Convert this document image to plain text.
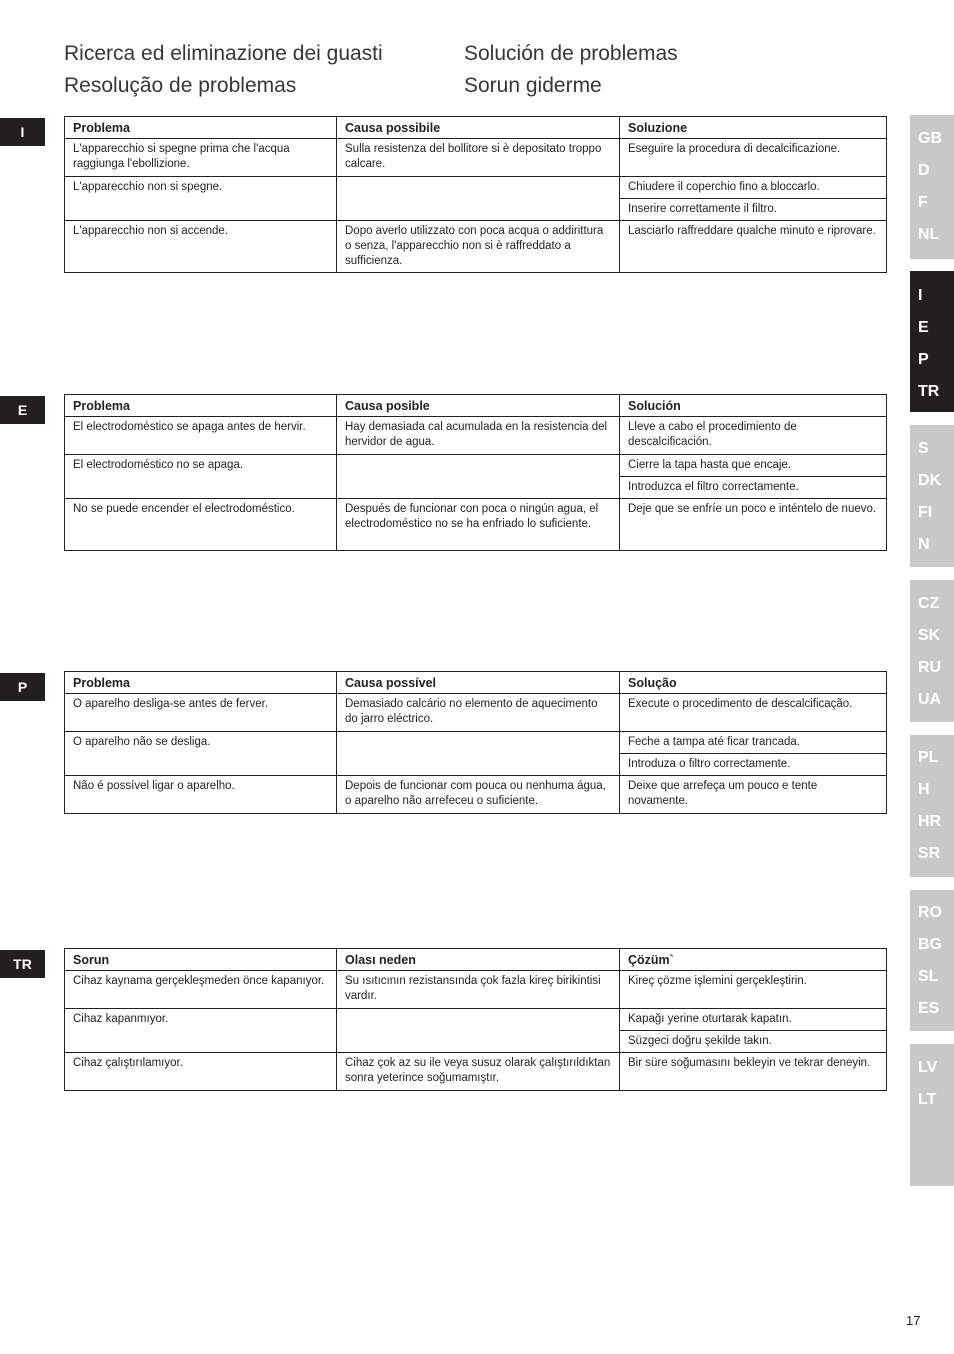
Ricerca ed eliminazione dei guasti
Resolução de problemas
Solución de problemas
Sorun giderme
I
E
P
TR
Problema	Causa possibile	Soluzione
L'apparecchio si spegne prima che l'acqua raggiunga l'ebollizione.	Sulla resistenza del bollitore si è depositato troppo calcare.	Eseguire la procedura di decalcificazione.
L'apparecchio non si spegne.		Chiudere il coperchio fino a bloccarlo.
		Inserire correttamente il filtro.
L'apparecchio non si accende.	Dopo averlo utilizzato con poca acqua o addirittura o senza, l'apparecchio non si è raffreddato a sufficienza.	Lasciarlo raffreddare qualche minuto e riprovare.
Problema	Causa posible	Solución
El electrodoméstico se apaga antes de hervir.	Hay demasiada cal acumulada en la resistencia del hervidor de agua.	Lleve a cabo el procedimiento de descalcificación.
El electrodoméstico no se apaga.		Cierre la tapa hasta que encaje.
		Introduzca el filtro correctamente.
No se puede encender el electrodoméstico.	Después de funcionar con poca o ningún agua, el electrodoméstico no se ha enfriado lo suficiente.	Deje que se enfríe un poco e inténtelo de nuevo.
Problema	Causa possível	Solução
O aparelho desliga-se antes de ferver.	Demasiado calcário no elemento de aquecimento do jarro eléctrico.	Execute o procedimento de descalcificação.
O aparelho não se desliga.		Feche a tampa até ficar trancada.
		Introduza o filtro correctamente.
Não é possível ligar o aparelho.	Depois de funcionar com pouca ou nenhuma água, o aparelho não arrefeceu o suficiente.	Deixe que arrefeça um pouco e tente novamente.
Sorun	Olası neden	Çözüm`
Cihaz kaynama gerçekleşmeden önce kapanıyor.	Su ısıtıcının rezistansında çok fazla kireç birikintisi vardır.	Kireç çözme işlemini gerçekleştirin.
Cihaz kapanmıyor.		Kapağı yerine oturtarak kapatın.
		Süzgeci doğru şekilde takın.
Cihaz çalıştırılamıyor.	Cihaz çok az su ile veya susuz olarak çalıştırıldıktan sonra yeterince soğumamıştır.	Bir süre soğumasını bekleyin ve tekrar deneyin.
GB
D
F
NL
I
E
P
TR
S
DK
FI
N
CZ
SK
RU
UA
PL
H
HR
SR
RO
BG
SL
ES
LV
LT
17
